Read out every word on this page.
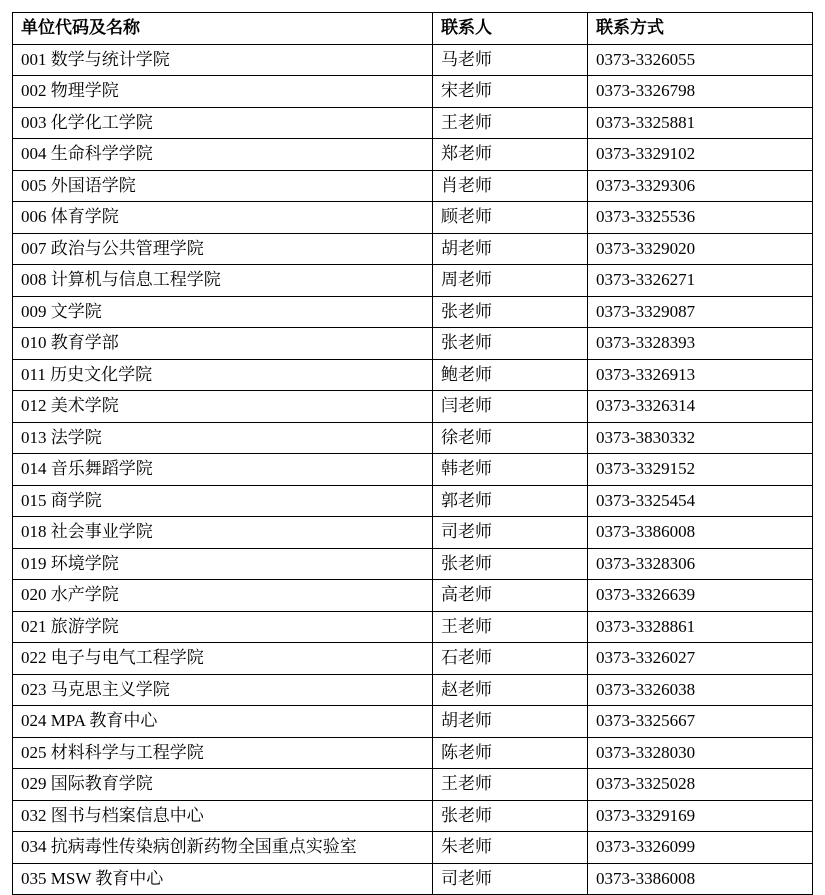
单位代码及名称	联系人	联系方式
001 数学与统计学院	马老师	0373-3326055
002 物理学院	宋老师	0373-3326798
003 化学化工学院	王老师	0373-3325881
004 生命科学学院	郑老师	0373-3329102
005 外国语学院	肖老师	0373-3329306
006 体育学院	顾老师	0373-3325536
007 政治与公共管理学院	胡老师	0373-3329020
008 计算机与信息工程学院	周老师	0373-3326271
009 文学院	张老师	0373-3329087
010 教育学部	张老师	0373-3328393
011 历史文化学院	鲍老师	0373-3326913
012 美术学院	闫老师	0373-3326314
013 法学院	徐老师	0373-3830332
014 音乐舞蹈学院	韩老师	0373-3329152
015 商学院	郭老师	0373-3325454
018 社会事业学院	司老师	0373-3386008
019 环境学院	张老师	0373-3328306
020 水产学院	高老师	0373-3326639
021 旅游学院	王老师	0373-3328861
022 电子与电气工程学院	石老师	0373-3326027
023 马克思主义学院	赵老师	0373-3326038
024 MPA 教育中心	胡老师	0373-3325667
025 材料科学与工程学院	陈老师	0373-3328030
029 国际教育学院	王老师	0373-3325028
032 图书与档案信息中心	张老师	0373-3329169
034 抗病毒性传染病创新药物全国重点实验室	朱老师	0373-3326099
035 MSW 教育中心	司老师	0373-3386008
